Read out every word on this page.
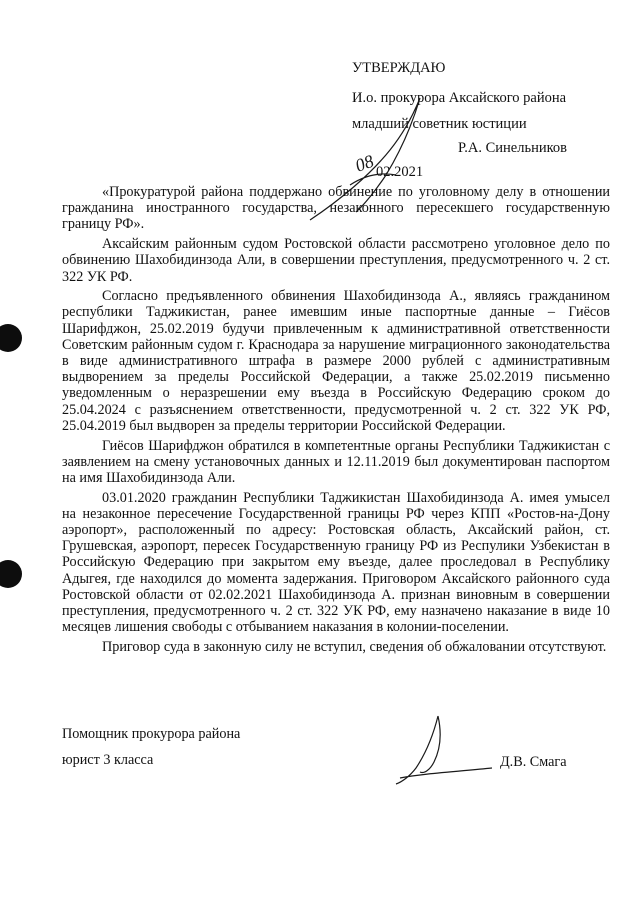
УТВЕРЖДАЮ
И.о. прокурора Аксайского района
младший советник юстиции
Р.А. Синельников
02.2021
08

«Прокуратурой района поддержано обвинение по уголовному делу в отношении гражданина иностранного государства, незаконного пересекшего государственную границу РФ».

Аксайским районным судом Ростовской области рассмотрено уголовное дело по обвинению Шахобидинзода Али, в совершении преступления, предусмотренного ч. 2 ст. 322 УК РФ.

Согласно предъявленного обвинения Шахобидинзода А., являясь гражданином республики Таджикистан, ранее имевшим иные паспортные данные – Гиёсов Шарифджон, 25.02.2019 будучи привлеченным к административной ответственности Советским районным судом г. Краснодара за нарушение миграционного законодательства в виде административного штрафа в размере 2000 рублей с административным выдворением за пределы Российской Федерации, а также 25.02.2019 письменно уведомленным о неразрешении ему въезда в Российскую Федерацию сроком до 25.04.2024 с разъяснением ответственности, предусмотренной ч. 2 ст. 322 УК РФ, 25.04.2019 был выдворен за пределы территории Российской Федерации.

Гиёсов Шарифджон обратился в компетентные органы Республики Таджикистан с заявлением на смену установочных данных и 12.11.2019 был документирован паспортом на имя Шахобидинзода Али.

03.01.2020 гражданин Республики Таджикистан Шахобидинзода А. имея умысел на незаконное пересечение Государственной границы РФ через КПП «Ростов-на-Дону аэропорт», расположенный по адресу: Ростовская область, Аксайский район, ст. Грушевская, аэропорт, пересек Государственную границу РФ из Респулики Узбекистан в Российскую Федерацию при закрытом ему въезде, далее проследовал в Республику Адыгея, где находился до момента задержания. Приговором Аксайского районного суда Ростовской области от 02.02.2021 Шахобидинзода А. признан виновным в совершении преступления, предусмотренного ч. 2 ст. 322 УК РФ, ему назначено наказание в виде 10 месяцев лишения свободы с отбыванием наказания в колонии-поселении.

Приговор суда в законную силу не вступил, сведения об обжаловании отсутствуют.

Помощник прокурора района
юрист 3 класса	Д.В. Смага
